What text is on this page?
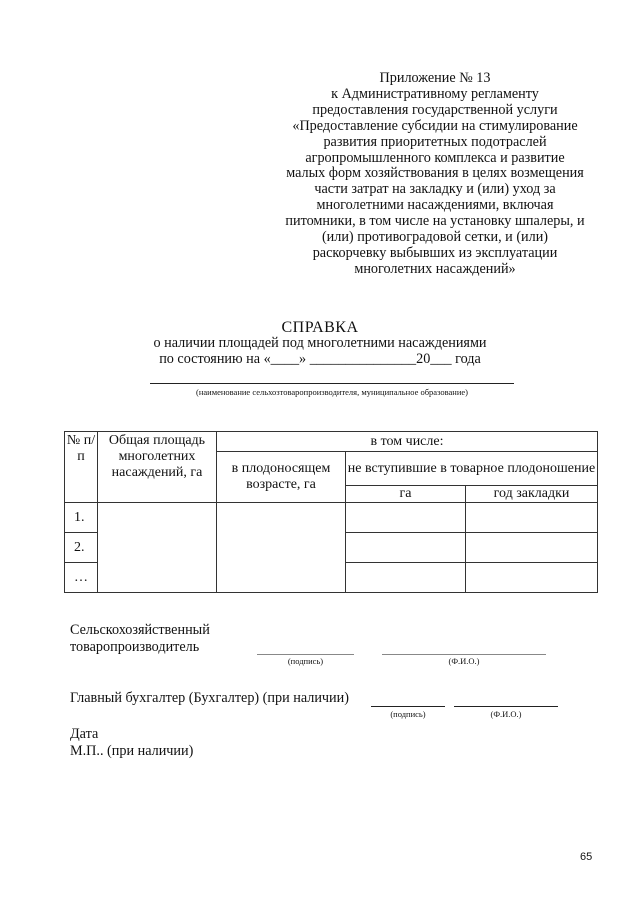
Приложение № 13
к Административному регламенту
предоставления государственной услуги
«Предоставление субсидии на стимулирование
развития приоритетных подотраслей
агропромышленного комплекса и развитие
малых форм хозяйствования в целях возмещения
части затрат на закладку и (или) уход за
многолетними насаждениями, включая
питомники, в том числе на установку шпалеры, и
(или) противоградовой сетки, и (или)
раскорчевку выбывших из эксплуатации
многолетних насаждений»
СПРАВКА
о наличии площадей под многолетними насаждениями
по состоянию на «____» _______________20___ года
(наименование сельхозтоваропроизводителя, муниципальное образование)
№ п/п	Общая площадь многолетних насаждений, га	в том числе:		
		в плодоносящем возрасте, га	не вступившие в товарное плодоношение	
			га	год закладки
1.				
2.				
…				
Сельскохозяйственный
товаропроизводитель
(подпись)	(Ф.И.О.)
Главный бухгалтер (Бухгалтер) (при наличии)
(подпись)	(Ф.И.О.)
Дата
М.П.. (при наличии)
65
